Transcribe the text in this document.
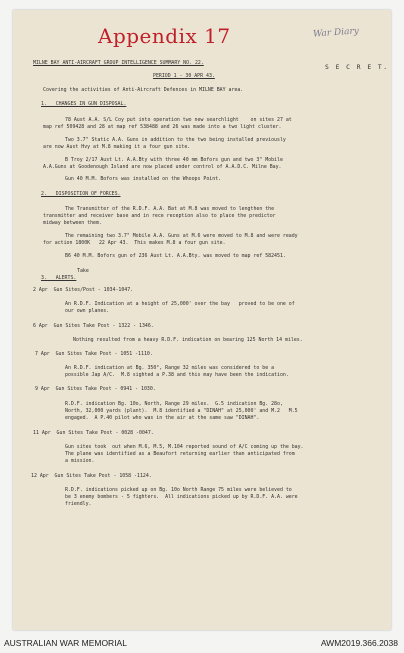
Appendix 17	War Diary
S E C R E T.
MILNE BAY ANTI-AIRCRAFT GROUP INTELLIGENCE SUMMARY NO. 22.
PERIOD 1 - 30 APR 43.
Covering the activities of Anti-Aircraft Defences in MILNE BAY area.
1.   CHANGES IN GUN DISPOSAL.
78 Aust A.A. S/L Coy put into operation two new searchlight    on sites 27 at
map ref 509428 and 28 at map ref 538488 and 26 was made into a two light cluster.
Two 3.7" Static A.A. Guns in addition to the two being installed previously
are now Aust Hvy at M.8 making it a four gun site.
B Troy 2/17 Aust Lt. A.A.Bty with three 40 mm Bofors gun and two 3" Mobile
A.A.Guns at Goodenough Island are now placed under control of A.A.D.C. Milne Bay.
Gun 40 M.M. Bofors was installed on the Whoops Point.
2.   DISPOSITION OF FORCES.
The Transmitter of the R.D.F. A.A. Bat at M.8 was moved to lengthen the
transmitter and receiver base and in rece reception also to place the predictor
midway between them.
The remaining two 3.7" Mobile A.A. Guns at M.6 were moved to M.8 and were ready
for action 1800K   22 Apr 43.  This makes M.8 a four gun site.
B6 40 M.M. Bofors gun of 236 Aust Lt. A.A.Bty. was moved to map ref 582451.
Take
3.   ALERTS.
2 Apr  Gun Sites/Post - 1034-1047.
An R.D.F. Indication at a height of 25,000' over the bay   proved to be one of
our own planes.
6 Apr  Gun Sites Take Post - 1322 - 1346.
Nothing resulted from a heavy R.D.F. indication on bearing 125 North 14 miles.
7 Apr  Gun Sites Take Post - 1051 -1110.
An R.D.F. indication at Bg. 350°, Range 32 miles was considered to be a
possible Jap A/C.  M.8 sighted a P.38 and this may have been the indication.
9 Apr  Gun Sites Take Post - 0941 - 1030.
R.D.F. indication Bg. 10o, North, Range 29 miles.  G.5 indication Bg. 28o,
North, 32,000 yards (plant).  M.8 identified a "DINAH" at 25,000' and M.2   M.5
engaged.  A P.40 pilot who was in the air at the same saw "DINAH".
11 Apr  Gun Sites Take Post - 0028 -0047.
Gun sites took  out when M.6, M.5, M.104 reported sound of A/C coming up the bay.
The plane was identified as a Beaufort returning earlier than anticipated from
a mission.
12 Apr  Gun Sites Take Post - 1058 -1124.
R.D.F. indications picked up on Bg. 10o North Range 75 miles were believed to
be 3 enemy bombers - 5 fighters.  All indications picked up by R.D.F. A.A. were
friendly.
AUSTRALIAN WAR MEMORIAL	AWM2019.366.2038
